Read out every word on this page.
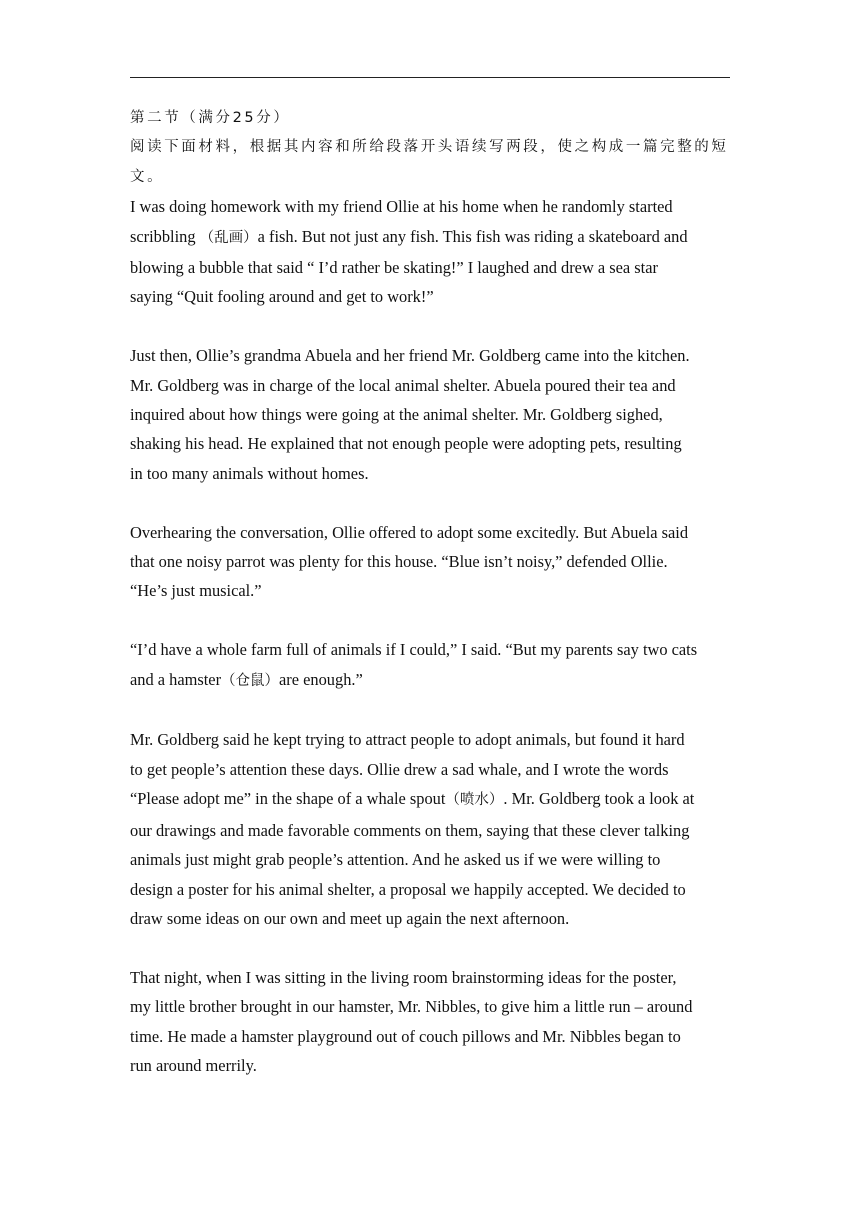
第二节（满分25分）
阅读下面材料，根据其内容和所给段落开头语续写两段，使之构成一篇完整的短
文。
I was doing homework with my friend Ollie at his home when he randomly started
scribbling （乱画）a fish. But not just any fish. This fish was riding a skateboard and
blowing a bubble that said “ I’d rather be skating!” I laughed and drew a sea star
saying “Quit fooling around and get to work!”
Just then, Ollie’s grandma Abuela and her friend Mr. Goldberg came into the kitchen.
Mr. Goldberg was in charge of the local animal shelter. Abuela poured their tea and
inquired about how things were going at the animal shelter. Mr. Goldberg sighed,
shaking his head. He explained that not enough people were adopting pets, resulting
in too many animals without homes.
Overhearing the conversation, Ollie offered to adopt some excitedly. But Abuela said
that one noisy parrot was plenty for this house. “Blue isn’t noisy,” defended Ollie.
“He’s just musical.”
“I’d have a whole farm full of animals if I could,” I said. “But my parents say two cats
and a hamster（仓鼠）are enough.”
Mr. Goldberg said he kept trying to attract people to adopt animals, but found it hard
to get people’s attention these days. Ollie drew a sad whale, and I wrote the words
“Please adopt me” in the shape of a whale spout（喷水）. Mr. Goldberg took a look at
our drawings and made favorable comments on them, saying that these clever talking
animals just might grab people’s attention. And he asked us if we were willing to
design a poster for his animal shelter, a proposal we happily accepted. We decided to
draw some ideas on our own and meet up again the next afternoon.
That night, when I was sitting in the living room brainstorming ideas for the poster,
my little brother brought in our hamster, Mr. Nibbles, to give him a little run – around
time. He made a hamster playground out of couch pillows and Mr. Nibbles began to
run around merrily.
